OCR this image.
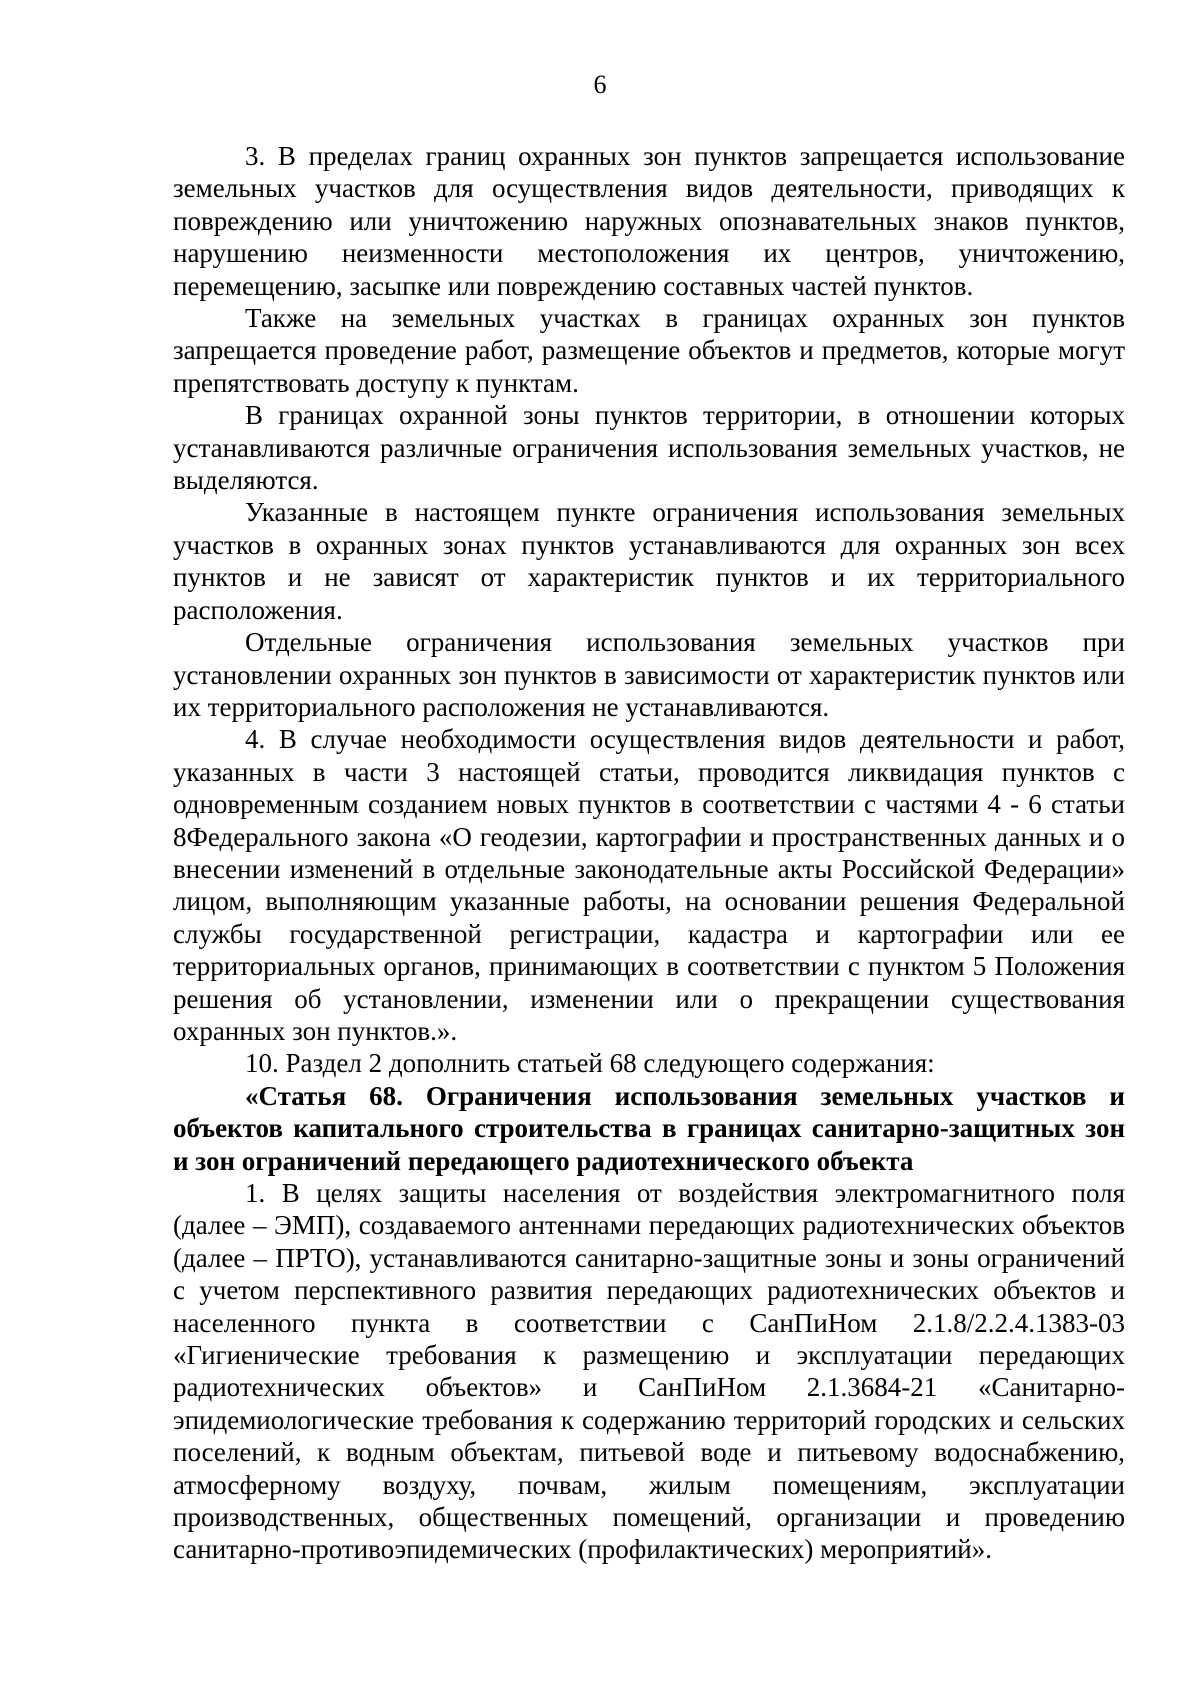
6

3. В пределах границ охранных зон пунктов запрещается использование земельных участков для осуществления видов деятельности, приводящих к повреждению или уничтожению наружных опознавательных знаков пунктов, нарушению неизменности местоположения их центров, уничтожению, перемещению, засыпке или повреждению составных частей пунктов.

Также на земельных участках в границах охранных зон пунктов запрещается проведение работ, размещение объектов и предметов, которые могут препятствовать доступу к пунктам.

В границах охранной зоны пунктов территории, в отношении которых устанавливаются различные ограничения использования земельных участков, не выделяются.

Указанные в настоящем пункте ограничения использования земельных участков в охранных зонах пунктов устанавливаются для охранных зон всех пунктов и не зависят от характеристик пунктов и их территориального расположения.

Отдельные ограничения использования земельных участков при установлении охранных зон пунктов в зависимости от характеристик пунктов или их территориального расположения не устанавливаются.

4. В случае необходимости осуществления видов деятельности и работ, указанных в части 3 настоящей статьи, проводится ликвидация пунктов с одновременным созданием новых пунктов в соответствии с частями 4 - 6 статьи 8Федерального закона «О геодезии, картографии и пространственных данных и о внесении изменений в отдельные законодательные акты Российской Федерации» лицом, выполняющим указанные работы, на основании решения Федеральной службы государственной регистрации, кадастра и картографии или ее территориальных органов, принимающих в соответствии с пунктом 5 Положения решения об установлении, изменении или о прекращении существования охранных зон пунктов.».

10. Раздел 2 дополнить статьей 68 следующего содержания:

«Статья 68. Ограничения использования земельных участков и объектов капитального строительства в границах санитарно-защитных зон и зон ограничений передающего радиотехнического объекта

1. В целях защиты населения от воздействия электромагнитного поля (далее – ЭМП), создаваемого антеннами передающих радиотехнических объектов (далее – ПРТО), устанавливаются санитарно-защитные зоны и зоны ограничений с учетом перспективного развития передающих радиотехнических объектов и населенного пункта в соответствии с СанПиНом 2.1.8/2.2.4.1383-03 «Гигиенические требования к размещению и эксплуатации передающих радиотехнических объектов» и СанПиНом 2.1.3684-21 «Санитарно-эпидемиологические требования к содержанию территорий городских и сельских поселений, к водным объектам, питьевой воде и питьевому водоснабжению, атмосферному воздуху, почвам, жилым помещениям, эксплуатации производственных, общественных помещений, организации и проведению санитарно-противоэпидемических (профилактических) мероприятий».
